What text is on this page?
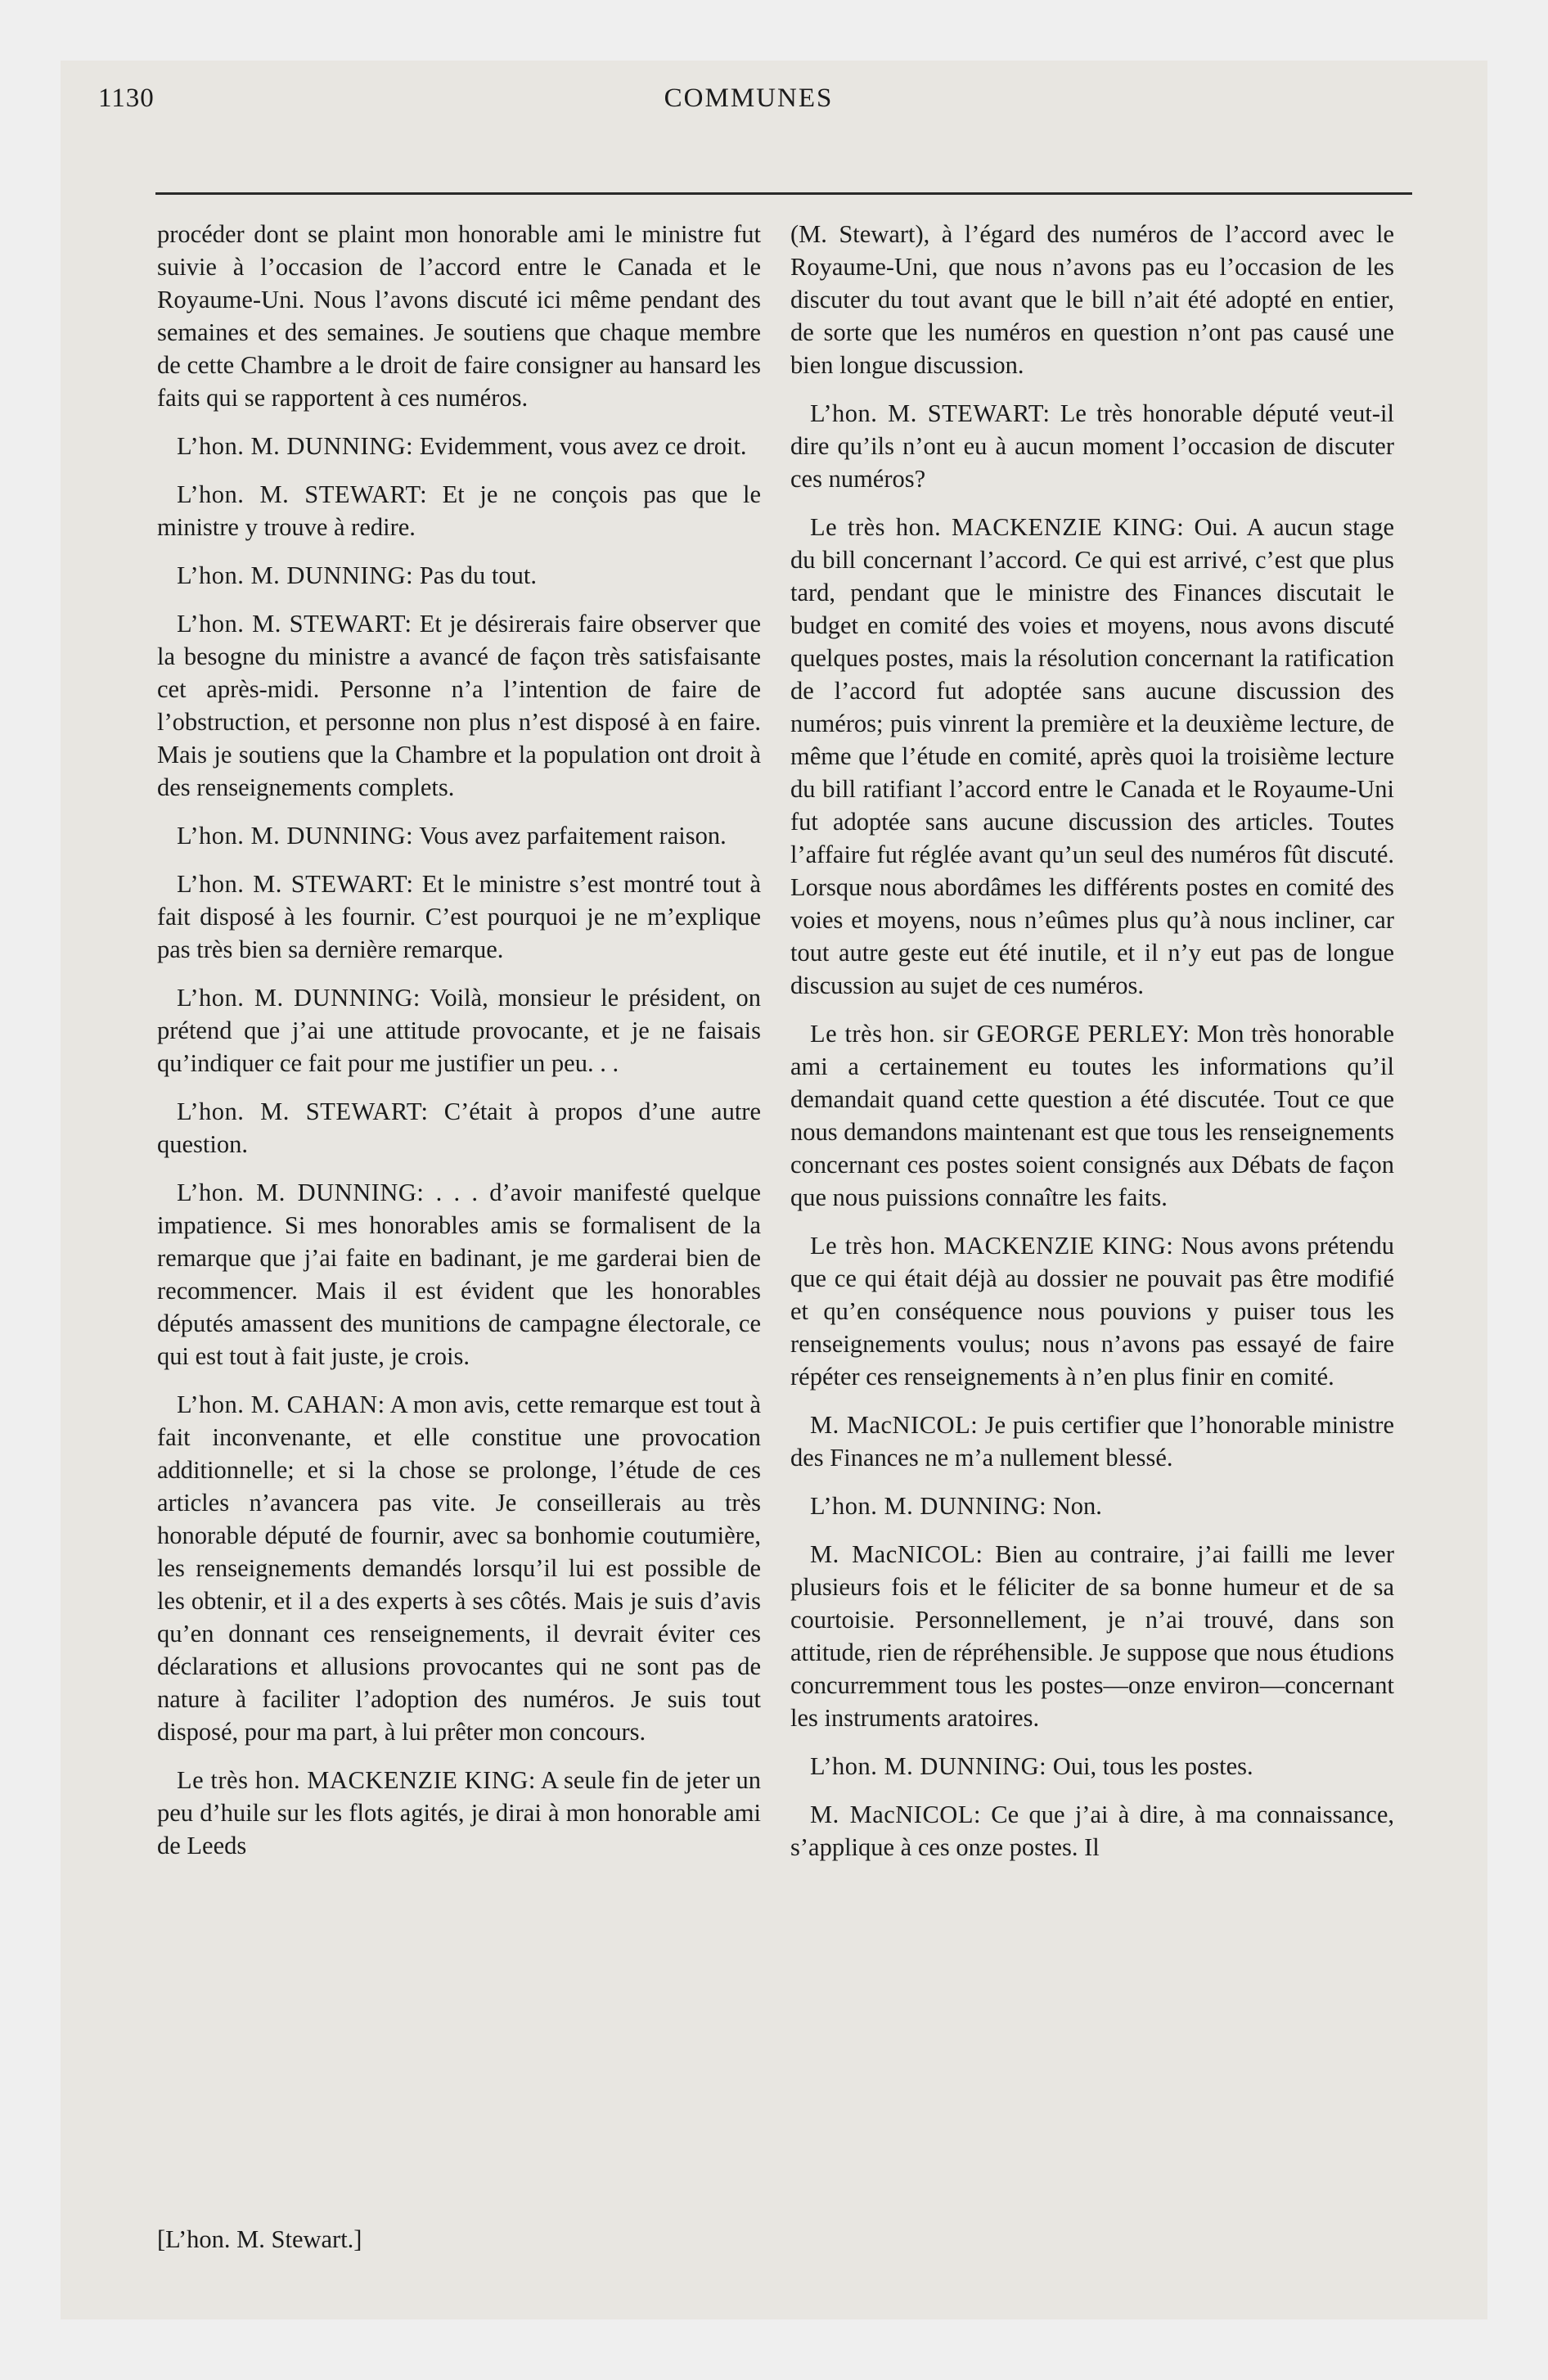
1130	COMMUNES

procéder dont se plaint mon honorable ami le ministre fut suivie à l’occasion de l’accord entre le Canada et le Royaume-Uni. Nous l’avons discuté ici même pendant des semaines et des semaines. Je soutiens que chaque membre de cette Chambre a le droit de faire consigner au hansard les faits qui se rapportent à ces numéros.

L’hon. M. DUNNING: Evidemment, vous avez ce droit.

L’hon. M. STEWART: Et je ne conçois pas que le ministre y trouve à redire.

L’hon. M. DUNNING: Pas du tout.

L’hon. M. STEWART: Et je désirerais faire observer que la besogne du ministre a avancé de façon très satisfaisante cet après-midi. Personne n’a l’intention de faire de l’obstruction, et personne non plus n’est disposé à en faire. Mais je soutiens que la Chambre et la population ont droit à des renseignements complets.

L’hon. M. DUNNING: Vous avez parfaitement raison.

L’hon. M. STEWART: Et le ministre s’est montré tout à fait disposé à les fournir. C’est pourquoi je ne m’explique pas très bien sa dernière remarque.

L’hon. M. DUNNING: Voilà, monsieur le président, on prétend que j’ai une attitude provocante, et je ne faisais qu’indiquer ce fait pour me justifier un peu. . .

L’hon. M. STEWART: C’était à propos d’une autre question.

L’hon. M. DUNNING: . . . d’avoir manifesté quelque impatience. Si mes honorables amis se formalisent de la remarque que j’ai faite en badinant, je me garderai bien de recommencer. Mais il est évident que les honorables députés amassent des munitions de campagne électorale, ce qui est tout à fait juste, je crois.

L’hon. M. CAHAN: A mon avis, cette remarque est tout à fait inconvenante, et elle constitue une provocation additionnelle; et si la chose se prolonge, l’étude de ces articles n’avancera pas vite. Je conseillerais au très honorable député de fournir, avec sa bonhomie coutumière, les renseignements demandés lorsqu’il lui est possible de les obtenir, et il a des experts à ses côtés. Mais je suis d’avis qu’en donnant ces renseignements, il devrait éviter ces déclarations et allusions provocantes qui ne sont pas de nature à faciliter l’adoption des numéros. Je suis tout disposé, pour ma part, à lui prêter mon concours.

Le très hon. MACKENZIE KING: A seule fin de jeter un peu d’huile sur les flots agités, je dirai à mon honorable ami de Leeds

(M. Stewart), à l’égard des numéros de l’accord avec le Royaume-Uni, que nous n’avons pas eu l’occasion de les discuter du tout avant que le bill n’ait été adopté en entier, de sorte que les numéros en question n’ont pas causé une bien longue discussion.

L’hon. M. STEWART: Le très honorable député veut-il dire qu’ils n’ont eu à aucun moment l’occasion de discuter ces numéros?

Le très hon. MACKENZIE KING: Oui. A aucun stage du bill concernant l’accord. Ce qui est arrivé, c’est que plus tard, pendant que le ministre des Finances discutait le budget en comité des voies et moyens, nous avons discuté quelques postes, mais la résolution concernant la ratification de l’accord fut adoptée sans aucune discussion des numéros; puis vinrent la première et la deuxième lecture, de même que l’étude en comité, après quoi la troisième lecture du bill ratifiant l’accord entre le Canada et le Royaume-Uni fut adoptée sans aucune discussion des articles. Toutes l’affaire fut réglée avant qu’un seul des numéros fût discuté. Lorsque nous abordâmes les différents postes en comité des voies et moyens, nous n’eûmes plus qu’à nous incliner, car tout autre geste eut été inutile, et il n’y eut pas de longue discussion au sujet de ces numéros.

Le très hon. sir GEORGE PERLEY: Mon très honorable ami a certainement eu toutes les informations qu’il demandait quand cette question a été discutée. Tout ce que nous demandons maintenant est que tous les renseignements concernant ces postes soient consignés aux Débats de façon que nous puissions connaître les faits.

Le très hon. MACKENZIE KING: Nous avons prétendu que ce qui était déjà au dossier ne pouvait pas être modifié et qu’en conséquence nous pouvions y puiser tous les renseignements voulus; nous n’avons pas essayé de faire répéter ces renseignements à n’en plus finir en comité.

M. MacNICOL: Je puis certifier que l’honorable ministre des Finances ne m’a nullement blessé.

L’hon. M. DUNNING: Non.

M. MacNICOL: Bien au contraire, j’ai failli me lever plusieurs fois et le féliciter de sa bonne humeur et de sa courtoisie. Personnellement, je n’ai trouvé, dans son attitude, rien de répréhensible. Je suppose que nous étudions concurremment tous les postes—onze environ—concernant les instruments aratoires.

L’hon. M. DUNNING: Oui, tous les postes.

M. MacNICOL: Ce que j’ai à dire, à ma connaissance, s’applique à ces onze postes. Il

[L’hon. M. Stewart.]
